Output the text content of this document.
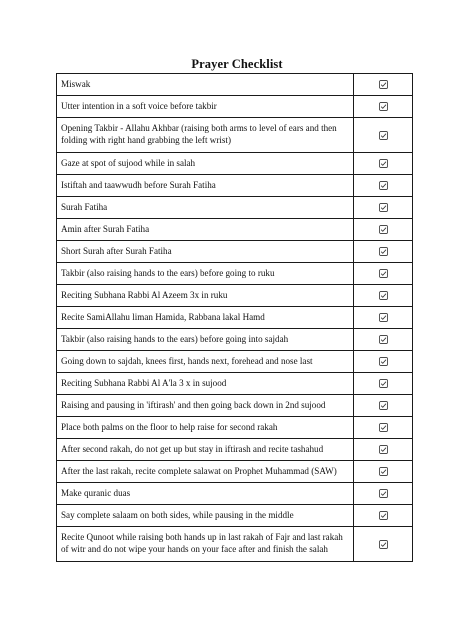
Prayer Checklist
Miswak	
Utter intention in a soft voice before takbir	
Opening Takbir - Allahu Akhbar (raising both arms to level of ears and then folding with right hand grabbing the left wrist)	
Gaze at spot of sujood while in salah	
Istiftah and taawwudh before Surah Fatiha	
Surah Fatiha	
Amin after Surah Fatiha	
Short Surah after Surah Fatiha	
Takbir (also raising hands to the ears) before going to ruku	
Reciting Subhana Rabbi Al Azeem 3x in ruku	
Recite SamiAllahu liman Hamida, Rabbana lakal Hamd	
Takbir (also raising hands to the ears) before going into sajdah	
Going down to sajdah, knees first, hands next, forehead and nose last	
Reciting Subhana Rabbi Al A'la 3 x in sujood	
Raising and pausing in 'iftirash' and then going back down in 2nd sujood	
Place both palms on the floor to help raise for second rakah	
After second rakah, do not get up but stay in iftirash and recite tashahud	
After the last rakah, recite complete salawat on Prophet Muhammad (SAW)	
Make quranic duas	
Say complete salaam on both sides, while pausing in the middle	
Recite Qunoot while raising both hands up in last rakah of Fajr and last rakah of witr and do not wipe your hands on your face after and finish the salah	
